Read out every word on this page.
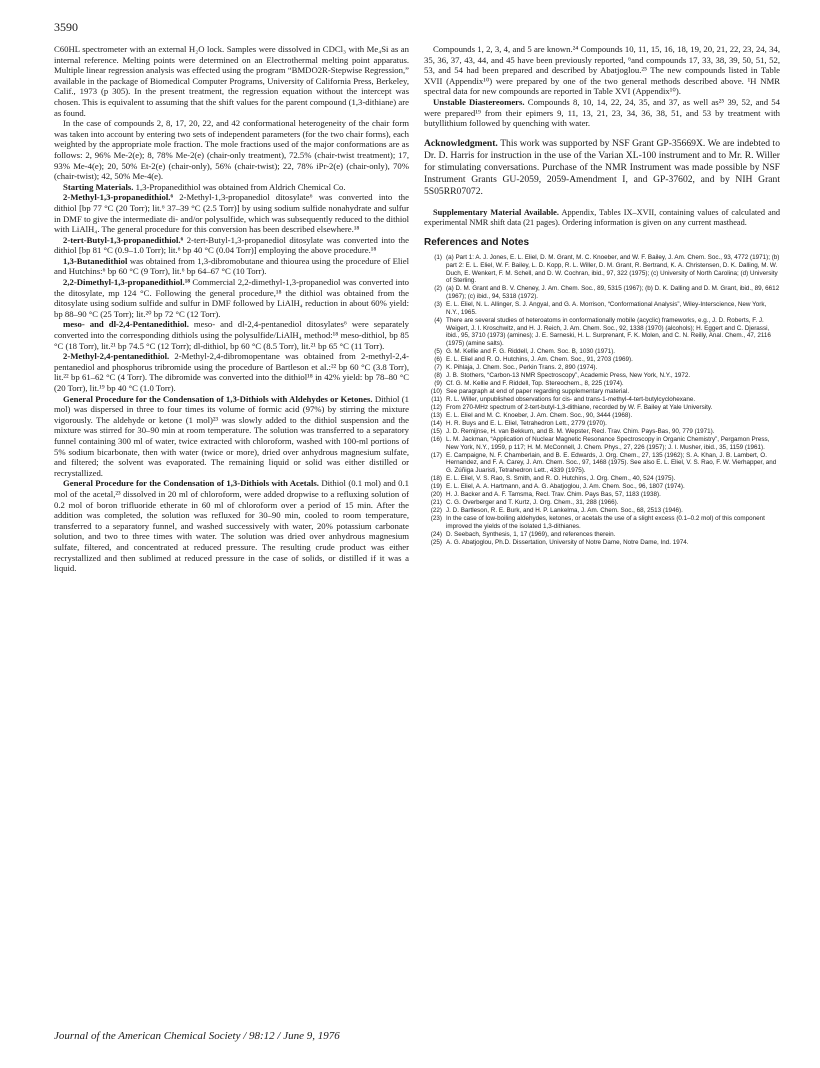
3590

C60HL spectrometer with an external H₂O lock. Samples were dissolved in CDCl₃ with Me₄Si as an internal reference. Melting points were determined on an Electrothermal melting point apparatus. Multiple linear regression analysis was effected using the program “BMDO2R-Stepwise Regression,” available in the package of Biomedical Computer Programs, University of California Press, Berkeley, Calif., 1973 (p 305). In the present treatment, the regression equation without the intercept was chosen. This is equivalent to assuming that the shift values for the parent compound (1,3-dithiane) are as found.

In the case of compounds 2, 8, 17, 20, 22, and 42 conformational heterogeneity of the chair form was taken into account by entering two sets of independent parameters (for the two chair forms), each weighted by the appropriate mole fraction. The mole fractions used of the major conformations are as follows: 2, 96% Me-2(e); 8, 78% Me-2(e) (chair-only treatment), 72.5% (chair-twist treatment); 17, 93% Me-4(e); 20, 50% Et-2(e) (chair-only), 56% (chair-twist); 22, 78% iPr-2(e) (chair-only), 70% (chair-twist); 42, 50% Me-4(e).

Starting Materials. 1,3-Propanedithiol was obtained from Aldrich Chemical Co.

2-Methyl-1,3-propanedithiol.⁶ 2-Methyl-1,3-propanediol ditosylate⁶ was converted into the dithiol [bp 77 °C (20 Torr); lit.⁶ 37–39 °C (2.5 Torr)] by using sodium sulfide nonahydrate and sulfur in DMF to give the intermediate di- and/or polysulfide, which was subsequently reduced to the dithiol with LiAlH₄. The general procedure for this conversion has been described elsewhere.¹⁸

2-tert-Butyl-1,3-propanedithiol.⁶ 2-tert-Butyl-1,3-propanediol ditosylate was converted into the dithiol [bp 81 °C (0.9–1.0 Torr); lit.⁶ bp 40 °C (0.04 Torr)] employing the above procedure.¹⁸

1,3-Butanedithiol was obtained from 1,3-dibromobutane and thiourea using the procedure of Eliel and Hutchins:⁶ bp 60 °C (9 Torr), lit.⁶ bp 64–67 °C (10 Torr).

2,2-Dimethyl-1,3-propanedithiol.¹⁸ Commercial 2,2-dimethyl-1,3-propanediol was converted into the ditosylate, mp 124 °C. Following the general procedure,¹⁸ the dithiol was obtained from the ditosylate using sodium sulfide and sulfur in DMF followed by LiAlH₄ reduction in about 60% yield: bp 88–90 °C (25 Torr); lit.²⁰ bp 72 °C (12 Torr).

meso- and dl-2,4-Pentanedithiol. meso- and dl-2,4-pentanediol ditosylates⁶ were separately converted into the corresponding dithiols using the polysulfide/LiAlH₄ method:¹⁸ meso-dithiol, bp 85 °C (18 Torr), lit.²¹ bp 74.5 °C (12 Torr); dl-dithiol, bp 60 °C (8.5 Torr), lit.²¹ bp 65 °C (11 Torr).

2-Methyl-2,4-pentanedithiol. 2-Methyl-2,4-dibromopentane was obtained from 2-methyl-2,4-pentanediol and phosphorus tribromide using the procedure of Bartleson et al.:²² bp 60 °C (3.8 Torr), lit.²² bp 61–62 °C (4 Torr). The dibromide was converted into the dithiol¹⁸ in 42% yield: bp 78–80 °C (20 Torr), lit.¹⁹ bp 40 °C (1.0 Torr).

General Procedure for the Condensation of 1,3-Dithiols with Aldehydes or Ketones. Dithiol (1 mol) was dispersed in three to four times its volume of formic acid (97%) by stirring the mixture vigorously. The aldehyde or ketone (1 mol)²³ was slowly added to the dithiol suspension and the mixture was stirred for 30–90 min at room temperature. The solution was transferred to a separatory funnel containing 300 ml of water, twice extracted with chloroform, washed with 100-ml portions of 5% sodium bicarbonate, then with water (twice or more), dried over anhydrous magnesium sulfate, and filtered; the solvent was evaporated. The remaining liquid or solid was either distilled or recrystallized.

General Procedure for the Condensation of 1,3-Dithiols with Acetals. Dithiol (0.1 mol) and 0.1 mol of the acetal,²³ dissolved in 20 ml of chloroform, were added dropwise to a refluxing solution of 0.2 mol of boron trifluoride etherate in 60 ml of chloroform over a period of 15 min. After the addition was completed, the solution was refluxed for 30–90 min, cooled to room temperature, transferred to a separatory funnel, and washed successively with water, 20% potassium carbonate solution, and two to three times with water. The solution was dried over anhydrous magnesium sulfate, filtered, and concentrated at reduced pressure. The resulting crude product was either recrystallized and then sublimed at reduced pressure in the case of solids, or distilled if it was a liquid.

Compounds 1, 2, 3, 4, and 5 are known.²⁴ Compounds 10, 11, 15, 16, 18, 19, 20, 21, 22, 23, 24, 34, 35, 36, 37, 43, 44, and 45 have been previously reported, ⁶and compounds 17, 33, 38, 39, 50, 51, 52, 53, and 54 had been prepared and described by Abatjoglou.²⁵ The new compounds listed in Table XVII (Appendix¹⁰) were prepared by one of the two general methods described above. ¹H NMR spectral data for new compounds are reported in Table XVI (Appendix¹⁰).

Unstable Diastereomers. Compounds 8, 10, 14, 22, 24, 35, and 37, as well as²⁵ 39, 52, and 54 were prepared¹⁹ from their epimers 9, 11, 13, 21, 23, 34, 36, 38, 51, and 53 by treatment with butyllithium followed by quenching with water.

Acknowledgment. This work was supported by NSF Grant GP-35669X. We are indebted to Dr. D. Harris for instruction in the use of the Varian XL-100 instrument and to Mr. R. Willer for stimulating conversations. Purchase of the NMR Instrument was made possible by NSF Instrument Grants GU-2059, 2059-Amendment I, and GP-37602, and by NIH Grant 5S05RR07072.

Supplementary Material Available. Appendix, Tables IX–XVII, containing values of calculated and experimental NMR shift data (21 pages). Ordering information is given on any current masthead.

References and Notes
(1) (a) Part 1: A. J. Jones, E. L. Eliel, D. M. Grant, M. C. Knoeber, and W. F. Bailey, J. Am. Chem. Soc., 93, 4772 (1971); (b) part 2: E. L. Eliel, W. F. Bailey, L. D. Kopp, R. L. Willer, D. M. Grant, R. Bertrand, K. A. Christensen, D. K. Dalling, M. W. Duch, E. Wenkert, F. M. Schell, and D. W. Cochran, ibid., 97, 322 (1975); (c) University of North Carolina; (d) University of Sterling.
(2) (a) D. M. Grant and B. V. Cheney, J. Am. Chem. Soc., 89, 5315 (1967); (b) D. K. Dalling and D. M. Grant, ibid., 89, 6612 (1967); (c) ibid., 94, 5318 (1972).
(3) E. L. Eliel, N. L. Allinger, S. J. Angyal, and G. A. Morrison, “Conformational Analysis”, Wiley-Interscience, New York, N.Y., 1965.
(4) There are several studies of heteroatoms in conformationally mobile (acyclic) frameworks, e.g., J. D. Roberts, F. J. Weigert, J. I. Kroschwitz, and H. J. Reich, J. Am. Chem. Soc., 92, 1338 (1970) (alcohols); H. Eggert and C. Djerassi, ibid., 95, 3710 (1973) (amines); J. E. Sarneski, H. L. Surprenant, F. K. Molen, and C. N. Reilly, Anal. Chem., 47, 2116 (1975) (amine salts).
(5) G. M. Kellie and F. G. Riddell, J. Chem. Soc. B, 1030 (1971).
(6) E. L. Eliel and R. O. Hutchins, J. Am. Chem. Soc., 91, 2703 (1969).
(7) K. Pihlaja, J. Chem. Soc., Perkin Trans. 2, 890 (1974).
(8) J. B. Stothers, “Carbon-13 NMR Spectroscopy”, Academic Press, New York, N.Y., 1972.
(9) Cf. G. M. Kellie and F. Riddell, Top. Stereochem., 8, 225 (1974).
(10) See paragraph at end of paper regarding supplementary material.
(11) R. L. Willer, unpublished observations for cis- and trans-1-methyl-4-tert-butylcyclohexane.
(12) From 270-MHz spectrum of 2-tert-butyl-1,3-dithiane, recorded by W. F. Bailey at Yale University.
(13) E. L. Eliel and M. C. Knoeber, J. Am. Chem. Soc., 90, 3444 (1968).
(14) H. R. Buys and E. L. Eliel, Tetrahedron Lett., 2779 (1970).
(15) J. D. Remijnse, H. van Bekkum, and B. M. Wepster, Recl. Trav. Chim. Pays-Bas, 90, 779 (1971).
(16) L. M. Jackman, “Application of Nuclear Magnetic Resonance Spectroscopy in Organic Chemistry”, Pergamon Press, New York, N.Y., 1959, p 117; H. M. McConnell, J. Chem. Phys., 27, 226 (1957); J. I. Musher, ibid., 35, 1159 (1961).
(17) E. Campaigne, N. F. Chamberlain, and B. E. Edwards, J. Org. Chem., 27, 135 (1962); S. A. Khan, J. B. Lambert, O. Hernandez, and F. A. Carey, J. Am. Chem. Soc., 97, 1468 (1975). See also E. L. Eliel, V. S. Rao, F. W. Vierhapper, and G. Zúñiga Juaristi, Tetrahedron Lett., 4339 (1975).
(18) E. L. Eliel, V. S. Rao, S. Smith, and R. O. Hutchins, J. Org. Chem., 40, 524 (1975).
(19) E. L. Eliel, A. A. Hartmann, and A. G. Abatjoglou, J. Am. Chem. Soc., 96, 1807 (1974).
(20) H. J. Backer and A. F. Tamsma, Recl. Trav. Chim. Pays Bas, 57, 1183 (1938).
(21) C. G. Overberger and T. Kurtz, J. Org. Chem., 31, 288 (1966).
(22) J. D. Bartleson, R. E. Burk, and H. P. Lankelma, J. Am. Chem. Soc., 68, 2513 (1946).
(23) In the case of low-boiling aldehydes, ketones, or acetals the use of a slight excess (0.1–0.2 mol) of this component improved the yields of the isolated 1,3-dithianes.
(24) D. Seebach, Synthesis, 1, 17 (1969), and references therein.
(25) A. G. Abatjoglou, Ph.D. Dissertation, University of Notre Dame, Notre Dame, Ind. 1974.
Journal of the American Chemical Society / 98:12 / June 9, 1976
